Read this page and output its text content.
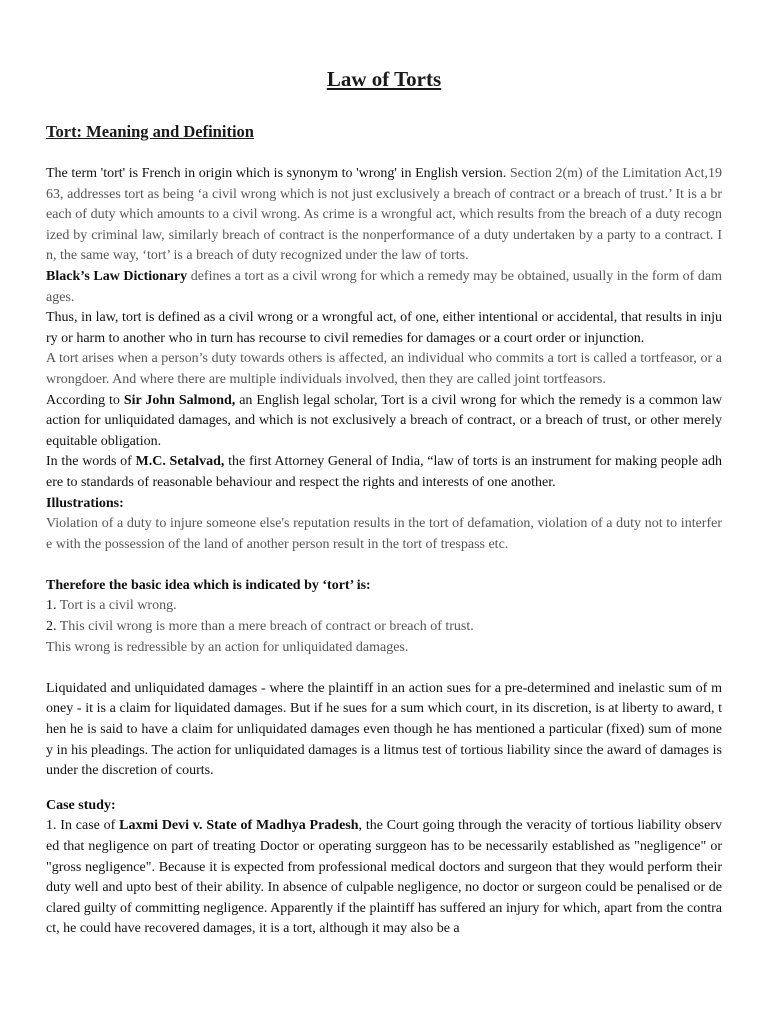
Law of Torts
Tort: Meaning and Definition

The term 'tort' is French in origin which is synonym to 'wrong' in English version. Section 2(m) of the Limitation Act,1963, addresses tort as being ‘a civil wrong which is not just exclusively a breach of contract or a breach of trust.’ It is a breach of duty which amounts to a civil wrong. As crime is a wrongful act, which results from the breach of a duty recognized by criminal law, similarly breach of contract is the nonperformance of a duty undertaken by a party to a contract. In, the same way, ‘tort’ is a breach of duty recognized under the law of torts.

Black’s Law Dictionary defines a tort as a civil wrong for which a remedy may be obtained, usually in the form of damages.

Thus, in law, tort is defined as a civil wrong or a wrongful act, of one, either intentional or accidental, that results in injury or harm to another who in turn has recourse to civil remedies for damages or a court order or injunction.

A tort arises when a person’s duty towards others is affected, an individual who commits a tort is called a tortfeasor, or a wrongdoer. And where there are multiple individuals involved, then they are called joint tortfeasors.

According to Sir John Salmond, an English legal scholar, Tort is a civil wrong for which the remedy is a common law action for unliquidated damages, and which is not exclusively a breach of contract, or a breach of trust, or other merely equitable obligation.

In the words of M.C. Setalvad, the first Attorney General of India, “law of torts is an instrument for making people adhere to standards of reasonable behaviour and respect the rights and interests of one another.

Illustrations:

Violation of a duty to injure someone else's reputation results in the tort of defamation, violation of a duty not to interfere with the possession of the land of another person result in the tort of trespass etc.

Therefore the basic idea which is indicated by ‘tort’ is:

1. Tort is a civil wrong.

2. This civil wrong is more than a mere breach of contract or breach of trust.

This wrong is redressible by an action for unliquidated damages.

Liquidated and unliquidated damages - where the plaintiff in an action sues for a pre-determined and inelastic sum of money - it is a claim for liquidated damages. But if he sues for a sum which court, in its discretion, is at liberty to award, then he is said to have a claim for unliquidated damages even though he has mentioned a particular (fixed) sum of money in his pleadings. The action for unliquidated damages is a litmus test of tortious liability since the award of damages is under the discretion of courts.

Case study:

1. In case of Laxmi Devi v. State of Madhya Pradesh, the Court going through the veracity of tortious liability observed that negligence on part of treating Doctor or operating surggeon has to be necessarily established as "negligence" or "gross negligence". Because it is expected from professional medical doctors and surgeon that they would perform their duty well and upto best of their ability. In absence of culpable negligence, no doctor or surgeon could be penalised or declared guilty of committing negligence. Apparently if the plaintiff has suffered an injury for which, apart from the contract, he could have recovered damages, it is a tort, although it may also be a
